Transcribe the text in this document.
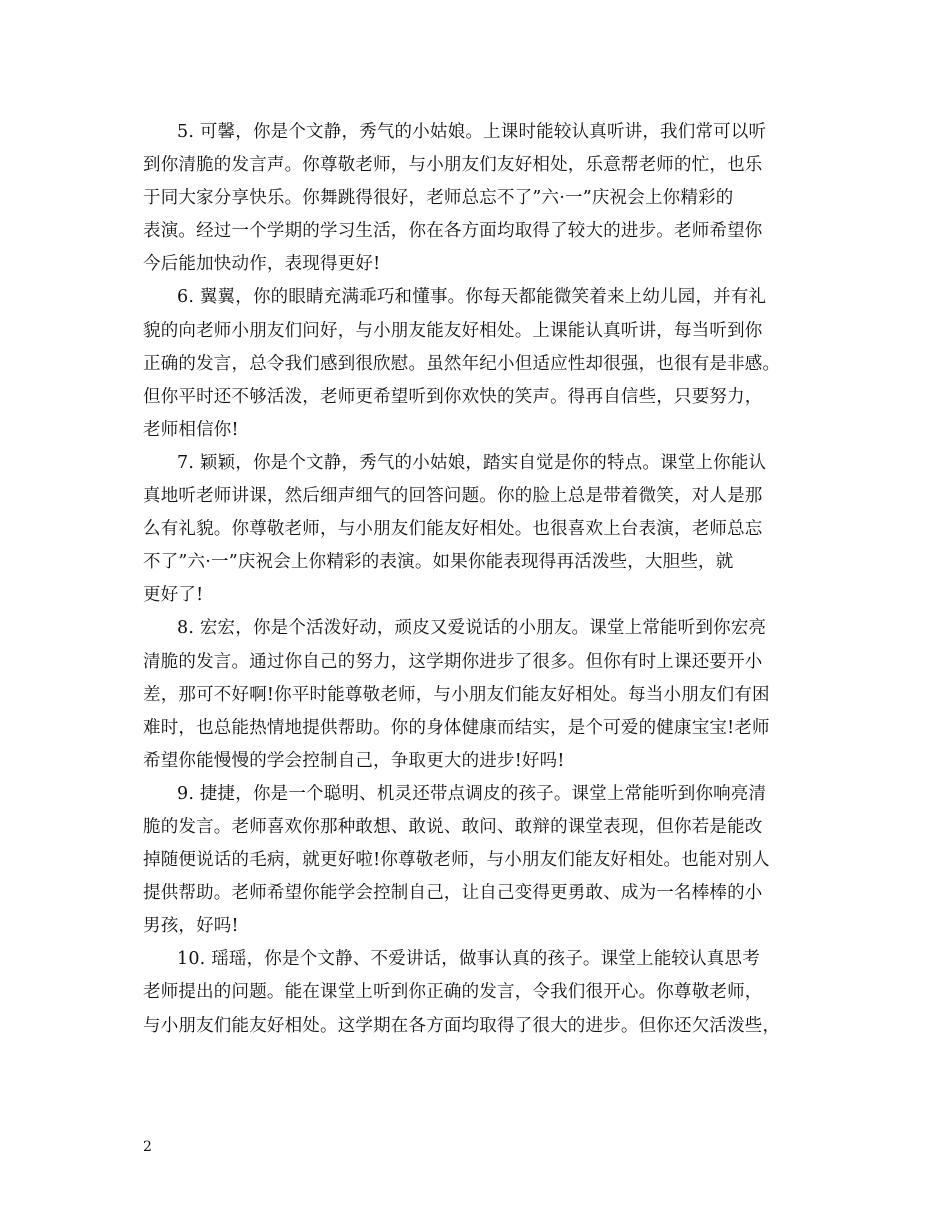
5. 可馨，你是个文静，秀气的小姑娘。上课时能较认真听讲，我们常可以听
到你清脆的发言声。你尊敬老师，与小朋友们友好相处，乐意帮老师的忙，也乐
于同大家分享快乐。你舞跳得很好，老师总忘不了”六·一”庆祝会上你精彩的
表演。经过一个学期的学习生活，你在各方面均取得了较大的进步。老师希望你
今后能加快动作，表现得更好!
6. 翼翼，你的眼睛充满乖巧和懂事。你每天都能微笑着来上幼儿园，并有礼
貌的向老师小朋友们问好，与小朋友能友好相处。上课能认真听讲，每当听到你
正确的发言，总令我们感到很欣慰。虽然年纪小但适应性却很强，也很有是非感。
但你平时还不够活泼，老师更希望听到你欢快的笑声。得再自信些，只要努力，
老师相信你!
7. 颖颖，你是个文静，秀气的小姑娘，踏实自觉是你的特点。课堂上你能认
真地听老师讲课，然后细声细气的回答问题。你的脸上总是带着微笑，对人是那
么有礼貌。你尊敬老师，与小朋友们能友好相处。也很喜欢上台表演，老师总忘
不了”六·一”庆祝会上你精彩的表演。如果你能表现得再活泼些，大胆些，就
更好了!
8. 宏宏，你是个活泼好动，顽皮又爱说话的小朋友。课堂上常能听到你宏亮
清脆的发言。通过你自己的努力，这学期你进步了很多。但你有时上课还要开小
差，那可不好啊!你平时能尊敬老师，与小朋友们能友好相处。每当小朋友们有困
难时，也总能热情地提供帮助。你的身体健康而结实，是个可爱的健康宝宝!老师
希望你能慢慢的学会控制自己，争取更大的进步!好吗!
9. 捷捷，你是一个聪明、机灵还带点调皮的孩子。课堂上常能听到你响亮清
脆的发言。老师喜欢你那种敢想、敢说、敢问、敢辩的课堂表现，但你若是能改
掉随便说话的毛病，就更好啦!你尊敬老师，与小朋友们能友好相处。也能对别人
提供帮助。老师希望你能学会控制自己，让自己变得更勇敢、成为一名棒棒的小
男孩，好吗!
10. 瑶瑶，你是个文静、不爱讲话，做事认真的孩子。课堂上能较认真思考
老师提出的问题。能在课堂上听到你正确的发言，令我们很开心。你尊敬老师，
与小朋友们能友好相处。这学期在各方面均取得了很大的进步。但你还欠活泼些，
2
